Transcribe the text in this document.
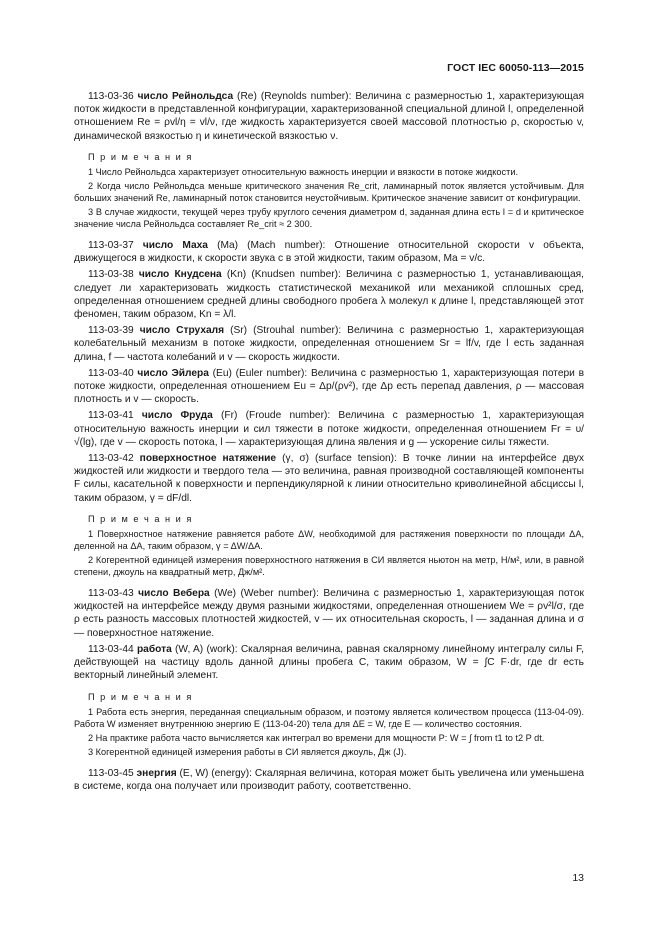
ГОСТ IEC 60050-113—2015

113-03-36 число Рейнольдса (Re) (Reynolds number): Величина с размерностью 1, характеризующая поток жидкости в представленной конфигурации, характеризованной специальной длиной l, определенной отношением Re = ρvl/η = vl/ν, где жидкость характеризуется своей массовой плотностью ρ, скоростью v, динамической вязкостью η и кинетической вязкостью ν.

П р и м е ч а н и я

1 Число Рейнольдса характеризует относительную важность инерции и вязкости в потоке жидкости.

2 Когда число Рейнольдса меньше критического значения Re_crit, ламинарный поток является устойчивым. Для больших значений Re, ламинарный поток становится неустойчивым. Критическое значение зависит от конфигурации.

3 В случае жидкости, текущей через трубу круглого сечения диаметром d, заданная длина есть l = d и критическое значение числа Рейнольдса составляет Re_crit ≈ 2 300.

113-03-37 число Маха (Ma) (Mach number): Отношение относительной скорости v объекта, движущегося в жидкости, к скорости звука c в этой жидкости, таким образом, Ma = v/c.

113-03-38 число Кнудсена (Kn) (Knudsen number): Величина с размерностью 1, устанавливающая, следует ли характеризовать жидкость статистической механикой или механикой сплошных сред, определенная отношением средней длины свободного пробега λ молекул к длине l, представляющей этот феномен, таким образом, Kn = λ/l.

113-03-39 число Струхаля (Sr) (Strouhal number): Величина с размерностью 1, характеризующая колебательный механизм в потоке жидкости, определенная отношением Sr = lf/v, где l есть заданная длина, f — частота колебаний и v — скорость жидкости.

113-03-40 число Эйлера (Eu) (Euler number): Величина с размерностью 1, характеризующая потери в потоке жидкости, определенная отношением Eu = Δp/(ρv²), где Δp есть перепад давления, ρ — массовая плотность и v — скорость.

113-03-41 число Фруда (Fr) (Froude number): Величина с размерностью 1, характеризующая относительную важность инерции и сил тяжести в потоке жидкости, определенная отношением Fr = υ/√(lg), где v — скорость потока, l — характеризующая длина явления и g — ускорение силы тяжести.

113-03-42 поверхностное натяжение (γ, σ) (surface tension): В точке линии на интерфейсе двух жидкостей или жидкости и твердого тела — это величина, равная производной составляющей компоненты F силы, касательной к поверхности и перпендикулярной к линии относительно криволинейной абсциссы l, таким образом, γ = dF/dl.

П р и м е ч а н и я

1 Поверхностное натяжение равняется работе ΔW, необходимой для растяжения поверхности по площади ΔA, деленной на ΔA, таким образом, γ = ΔW/ΔA.

2 Когерентной единицей измерения поверхностного натяжения в СИ является ньютон на метр, Н/м², или, в равной степени, джоуль на квадратный метр, Дж/м².

113-03-43 число Вебера (We) (Weber number): Величина с размерностью 1, характеризующая поток жидкостей на интерфейсе между двумя разными жидкостями, определенная отношением We = ρv²l/σ, где ρ есть разность массовых плотностей жидкостей, v — их относительная скорость, l — заданная длина и σ — поверхностное натяжение.

113-03-44 работа (W, A) (work): Скалярная величина, равная скалярному линейному интегралу силы F, действующей на частицу вдоль данной длины пробега C, таким образом, W = ∫C F·dr, где dr есть векторный линейный элемент.

П р и м е ч а н и я

1 Работа есть энергия, переданная специальным образом, и поэтому является количеством процесса (113-04-09). Работа W изменяет внутреннюю энергию E (113-04-20) тела для ΔE = W, где E — количество состояния.

2 На практике работа часто вычисляется как интеграл во времени для мощности P: W = ∫ from t1 to t2 P dt.

3 Когерентной единицей измерения работы в СИ является джоуль, Дж (J).

113-03-45 энергия (E, W) (energy): Скалярная величина, которая может быть увеличена или уменьшена в системе, когда она получает или производит работу, соответственно.

13
